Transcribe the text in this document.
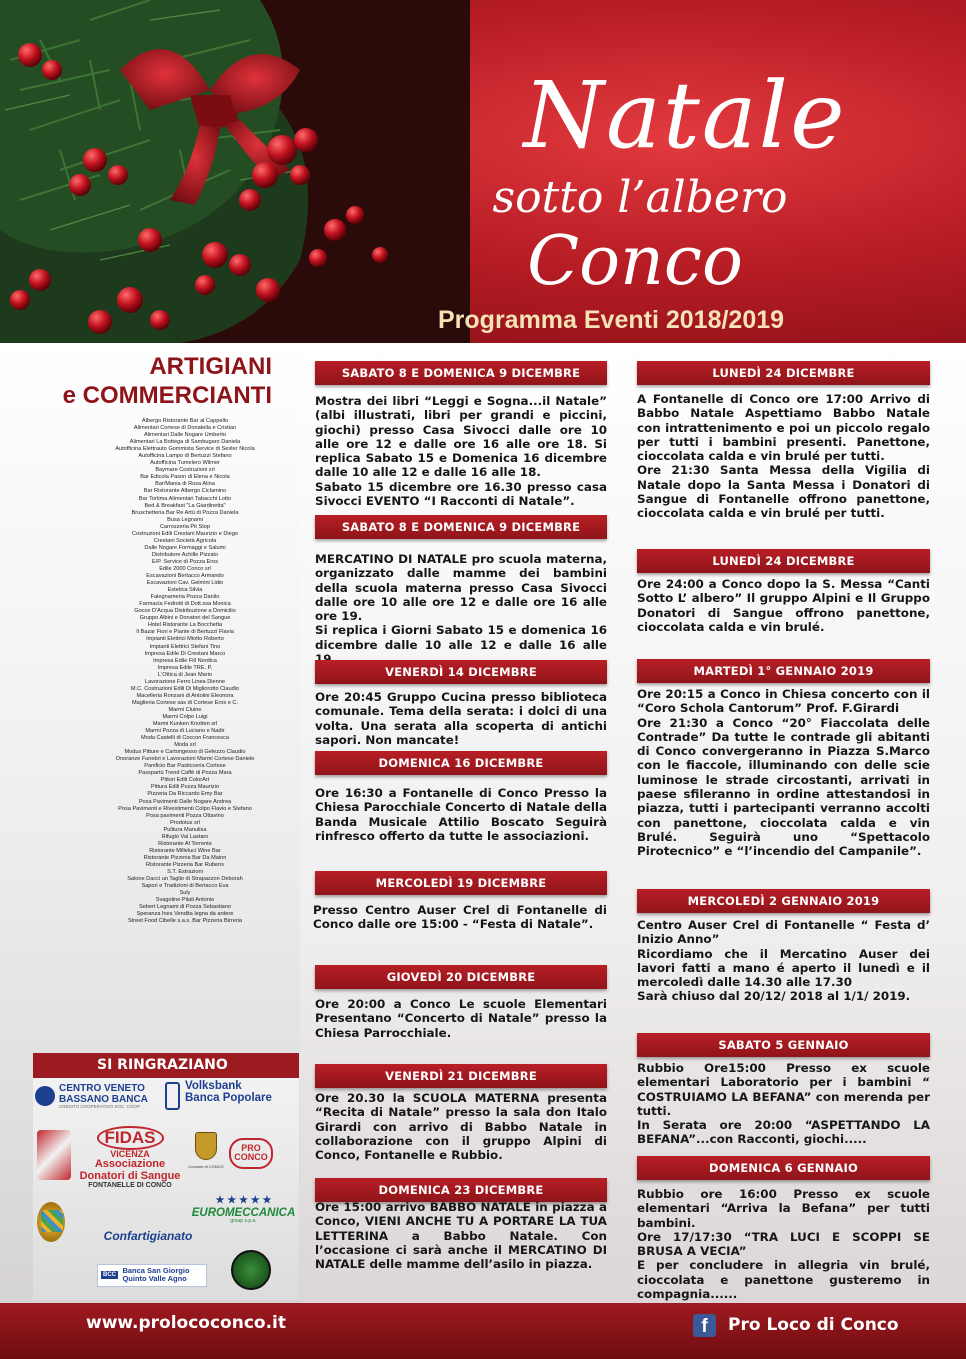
Natale
sotto l’albero
Conco
Programma Eventi 2018/2019
ARTIGIANI
e COMMERCIANTI
Albergo Ristorante Bar al Cappello
Alimentari Cortese di Donatella e Cristian
Alimentari Dalle Nogare Umberto
Alimentari La Bottega di Sambugaro Daniela
Autofficina Elettrauto Gommista Service di Sester Nicola
Autofficina Lampo di Bertuzzi Stefano
Autofficina Tumelero Wilmer
Baymare Costruzioni srl
Bar Edicola Pason di Elena e Nicola
Bar/Mania di Rosa Alina
Bar Ristorante Albergo Ciclamino
Bar Tortima Alimentari Tabacchi Lotto
Bed & Breakfast "La Giardinetta"
Bruschetteria Bar Re Artù di Pozza Daniela
Busa Legnami
Carrozzeria Pit Stop
Costruzioni Edili Crestani Maurizio e Diego
Crestani Società Agricola
Dalle Nogare Formaggi e Salumi
Distributore Achille Pizzato
E/P. Service di Pozza Eros
Edile 2000 Conco srl
Escavazioni Bertacco Armando
Escavazioni Cav. Gelmini Lidio
Estetica Silvia
Falegnameria Pozza Danilo
Farmacia Fedrotti di Dott.ssa Monica
Gocce D'Acqua Distribuzione a Domicilio
Gruppo Albini e Donatori del Sangue
Hotel Ristorante La Bocchetta
Il Bazar Fiori e Piante di Bertuzzi Flavia
Impianti Elettrici Miotto Roberto
Impianti Elettrici Stefani Tino
Impresa Edile Di Crestani Marco
Impresa Edile Fill Nordica
Impresa Edile TRE. P.
L'Ottica di Jean Mario
Lavorazione Ferro Linea Dienne
M.C. Costruzioni Edili Di Migliorotto Claudio
Macelleria Ronzani di Antolini Eleonora
Maglieria Cortese sas di Cortese Eros e C.
Marmi Cluine
Marmi Colpo Luigi
Marmi Kunken Knotten srl
Marmi Pozza di Luciano e Nadir
Moda Castelli di Coccon Francesca
Moda srl
Modus Pitture e Cartongesso di Gelezzo Claudio
Onoranze Funebri e Lavorazioni Marmi Cortese Daniele
Panificio Bar Pasticceria Cortese
Passpartù Trend Caffè di Pozza Mara
Pittori Edili ColorArt
Pittura Edili Pozza Maurizio
Pizzeria Da Riccardo Emy Bar
Posa Pavimenti Dalle Nogare Andrea
Posa Pavimenti e Rivestimenti Colpo Flavio e Stefano
Posa pavimenti Pozza Ottavino
Prodotus srl
Pulitura Manulisa
Rifugio Val Lastaro
Ristorante Al Torrente
Ristorante Milleluci Wine Bar
Ristorante Pizzeria Bar Da Mainn
Ristorante Pizzeria Bar Rubens
S.T. Estrazioni
Salone Dacci un Taglio di Strapazzon Deborah
Sapori e Tradizioni di Bertacco Eva
Suly
Svagoline Pilati Antonio
Sebert Legnami di Pozza Sebastiano
Speranza Ines Vendita legna da ardere
Street Food Cibelle s.a.s. Bar Pizzeria Birreria
SI RINGRAZIANO
CENTRO VENETO
BASSANO BANCA
CREDITO COOPERATIVO SOC. COOP.
Volksbank
Banca Popolare
FIDAS
VICENZA
Associazione
Donatori di Sangue
FONTANELLE DI CONCO
Comune di CONCO
PRO CONCO
★ ★ ★ ★ ★
EUROMECCANICA
group s.p.a.
Confartigianato
BCC Banca San Giorgio
Quinto Valle Agno
SABATO 8 E DOMENICA 9 DICEMBRE
Mostra dei libri “Leggi e Sogna...il Natale” (albi illustrati, libri per grandi e piccini, giochi) presso Casa Sivocci dalle ore 10 alle ore 12 e dalle ore 16 alle ore 18. Si replica Sabato 15 e Domenica 16 dicembre dalle 10 alle 12 e dalle 16 alle 18.
Sabato 15 dicembre ore 16.30 presso casa Sivocci EVENTO “I Racconti di Natale”.
SABATO 8 E DOMENICA 9 DICEMBRE
MERCATINO DI NATALE pro scuola materna, organizzato dalle mamme dei bambini della scuola materna presso Casa Sivocci dalle ore 10 alle ore 12 e dalle ore 16 alle ore 19.
Si replica i Giorni Sabato 15 e domenica 16 dicembre dalle 10 alle 12 e dalle 16 alle
VENERDÌ 14 DICEMBRE
Ore 20:45 Gruppo Cucina presso biblioteca comunale. Tema della serata: i dolci di una volta. Una serata alla scoperta di antichi sapori. Non mancate!
DOMENICA 16 DICEMBRE
Ore 16:30 a Fontanelle di Conco Presso la Chiesa Parocchiale Concerto di Natale della Banda Musicale Attilio Boscato Seguirà rinfresco offerto da tutte le associazioni.
MERCOLEDÌ 19 DICEMBRE
Presso Centro Auser Crel di Fontanelle di Conco dalle ore 15:00 - “Festa di Natale”.
GIOVEDÌ 20 DICEMBRE
Ore 20:00 a Conco Le scuole Elementari Presentano “Concerto di Natale” presso la Chiesa Parrocchiale.
VENERDÌ 21 DICEMBRE
Ore 20.30 la SCUOLA MATERNA presenta “Recita di Natale” presso la sala don Italo Girardi con arrivo di Babbo Natale in collaborazione con il gruppo Alpini di Conco, Fontanelle e Rubbio.
DOMENICA 23 DICEMBRE
Ore 15:00 arrivo BABBO NATALE in piazza a Conco, VIENI ANCHE TU A PORTARE LA TUA LETTERINA a Babbo Natale. Con l’occasione ci sarà anche il MERCATINO DI NATALE delle mamme dell’asilo in piazza.
LUNEDÌ 24 DICEMBRE
A Fontanelle di Conco ore 17:00 Arrivo di Babbo Natale Aspettiamo Babbo Natale con intrattenimento e poi un piccolo regalo per tutti i bambini presenti. Panettone, cioccolata calda e vin brulé per tutti.
Ore 21:30 Santa Messa della Vigilia di Natale dopo la Santa Messa i Donatori di Sangue di Fontanelle offrono panettone, cioccolata calda e vin brulé per tutti.
LUNEDÌ 24 DICEMBRE
Ore 24:00 a Conco dopo la S. Messa “Canti Sotto L’ albero” Il gruppo Alpini e Il Gruppo Donatori di Sangue offrono panettone, cioccolata calda e vin brulé.
MARTEDÌ 1° GENNAIO 2019
Ore 20:15 a Conco in Chiesa concerto con il “Coro Schola Cantorum” Prof. F.Girardi
Ore 21:30 a Conco “20° Fiaccolata delle Contrade” Da tutte le contrade gli abitanti di Conco convergeranno in Piazza S.Marco con le fiaccole, illuminando con delle scie luminose le strade circostanti, arrivati in paese sfileranno in ordine attestandosi in piazza, tutti i partecipanti verranno accolti con panettone, cioccolata calda e vin Brulé. Seguirà uno “Spettacolo Pirotecnico” e “l’incendio del Campanile”.
MERCOLEDÌ 2 GENNAIO 2019
Centro Auser Crel di Fontanelle “ Festa d’ Inizio Anno”
Ricordiamo che il Mercatino Auser dei lavori fatti a mano é aperto il lunedì e il mercoledì dalle 14.30 alle 17.30
Sarà chiuso dal 20/12/ 2018 al 1/1/ 2019.
SABATO 5 GENNAIO
Rubbio Ore15:00 Presso ex scuole elementari Laboratorio per i bambini “ COSTRUIAMO LA BEFANA” con merenda per tutti.
In Serata ore 20:00 “ASPETTANDO LA BEFANA”...con Racconti, giochi.....
DOMENICA 6 GENNAIO
Rubbio ore 16:00 Presso ex scuole elementari “Arriva la Befana” per tutti bambini.
Ore 17/17:30 “TRA LUCI E SCOPPI SE BRUSA A VECIA”
E per concludere in allegria vin brulé, cioccolata e panettone gusteremo in compagnia......
www.prolococonco.it	f	Pro Loco di Conco
